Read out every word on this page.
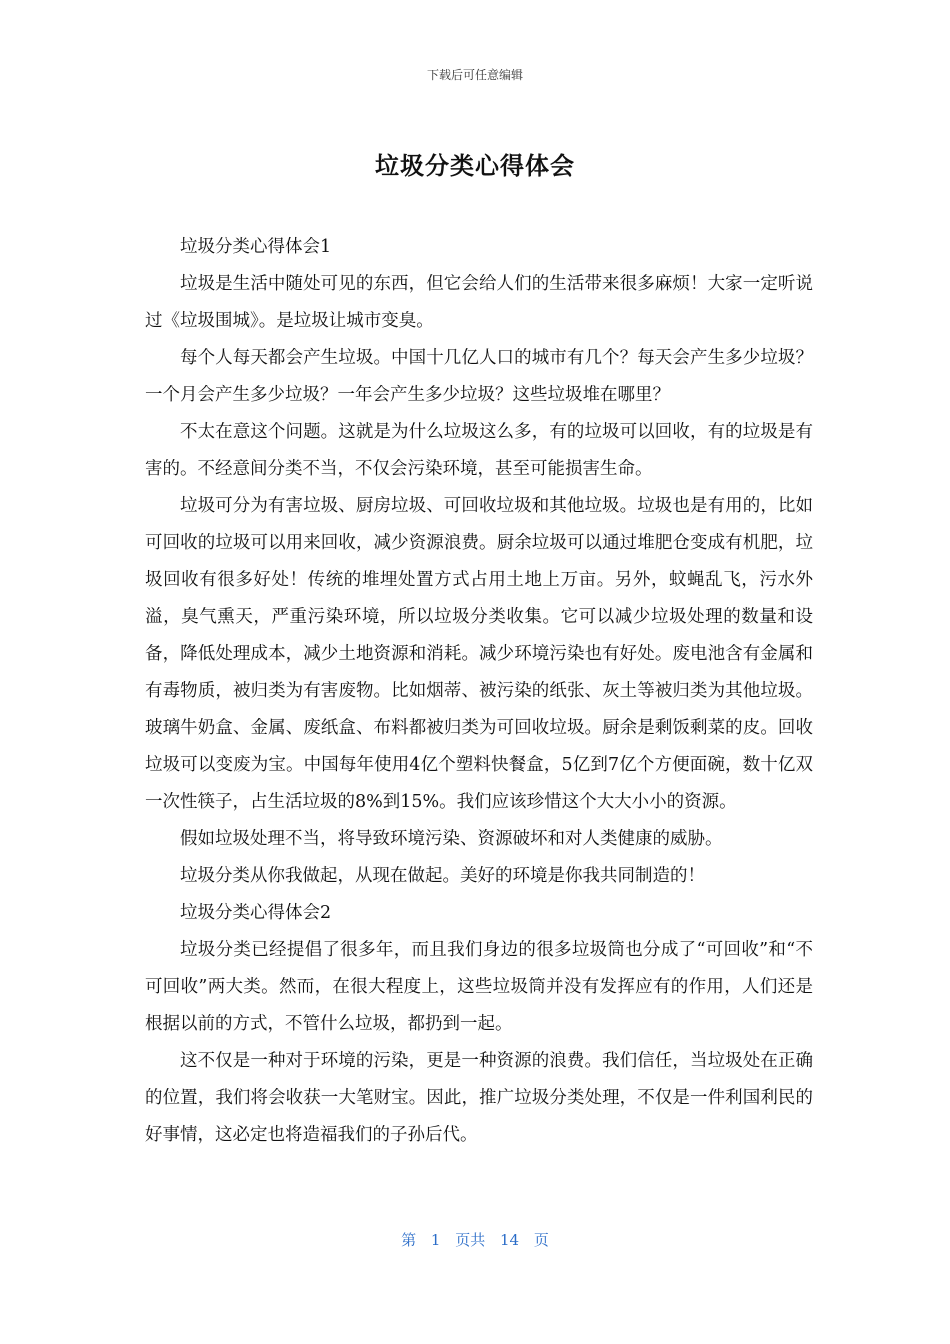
下载后可任意编辑
垃圾分类心得体会

垃圾分类心得体会1

垃圾是生活中随处可见的东西，但它会给人们的生活带来很多麻烦！大家一定听说过《垃圾围城》。是垃圾让城市变臭。

每个人每天都会产生垃圾。中国十几亿人口的城市有几个？每天会产生多少垃圾？一个月会产生多少垃圾？一年会产生多少垃圾？这些垃圾堆在哪里？

不太在意这个问题。这就是为什么垃圾这么多，有的垃圾可以回收，有的垃圾是有害的。不经意间分类不当，不仅会污染环境，甚至可能损害生命。

垃圾可分为有害垃圾、厨房垃圾、可回收垃圾和其他垃圾。垃圾也是有用的，比如可回收的垃圾可以用来回收，减少资源浪费。厨余垃圾可以通过堆肥仓变成有机肥，垃圾回收有很多好处！传统的堆埋处置方式占用土地上万亩。另外，蚊蝇乱飞，污水外溢，臭气熏天，严重污染环境，所以垃圾分类收集。它可以减少垃圾处理的数量和设备，降低处理成本，减少土地资源和消耗。减少环境污染也有好处。废电池含有金属和有毒物质，被归类为有害废物。比如烟蒂、被污染的纸张、灰土等被归类为其他垃圾。玻璃牛奶盒、金属、废纸盒、布料都被归类为可回收垃圾。厨余是剩饭剩菜的皮。回收垃圾可以变废为宝。中国每年使用4亿个塑料快餐盒，5亿到7亿个方便面碗，数十亿双一次性筷子，占生活垃圾的8%到15%。我们应该珍惜这个大大小小的资源。

假如垃圾处理不当，将导致环境污染、资源破坏和对人类健康的威胁。

垃圾分类从你我做起，从现在做起。美好的环境是你我共同制造的！

垃圾分类心得体会2

垃圾分类已经提倡了很多年，而且我们身边的很多垃圾筒也分成了“可回收”和“不可回收”两大类。然而，在很大程度上，这些垃圾筒并没有发挥应有的作用，人们还是根据以前的方式，不管什么垃圾，都扔到一起。

这不仅是一种对于环境的污染，更是一种资源的浪费。我们信任，当垃圾处在正确的位置，我们将会收获一大笔财宝。因此，推广垃圾分类处理，不仅是一件利国利民的好事情，这必定也将造福我们的子孙后代。

第 1 页共 14 页
